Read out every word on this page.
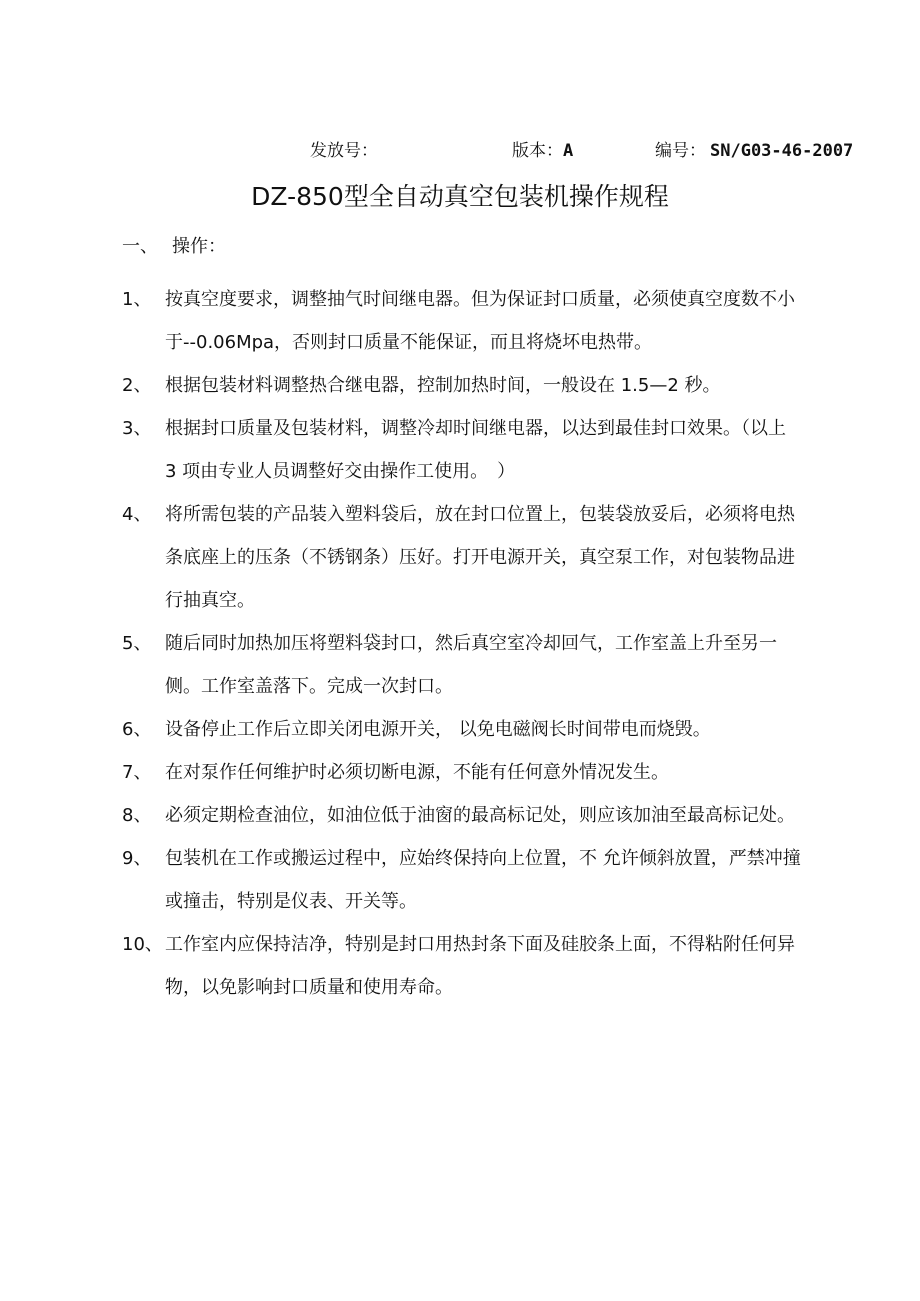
发放号：	版本：A	编号： SN/G03-46-2007
DZ-850型全自动真空包装机操作规程
一、 操作：
1、 按真空度要求，调整抽气时间继电器。但为保证封口质量，必须使真空度数不小于--0.06Mpa，否则封口质量不能保证，而且将烧坏电热带。
2、 根据包装材料调整热合继电器，控制加热时间，一般设在 1.5—2 秒。
3、 根据封口质量及包装材料，调整冷却时间继电器，以达到最佳封口效果。（以上 3 项由专业人员调整好交由操作工使用。　）
4、 将所需包装的产品装入塑料袋后，放在封口位置上，包装袋放妥后，必须将电热条底座上的压条（不锈钢条）压好。打开电源开关，真空泵工作，对包装物品进行抽真空。
5、 随后同时加热加压将塑料袋封口，然后真空室冷却回气，工作室盖上升至另一侧。工作室盖落下。完成一次封口。
6、 设备停止工作后立即关闭电源开关， 以免电磁阀长时间带电而烧毁。
7、 在对泵作任何维护时必须切断电源，不能有任何意外情况发生。
8、 必须定期检查油位，如油位低于油窗的最高标记处，则应该加油至最高标记处。
9、 包装机在工作或搬运过程中，应始终保持向上位置，不 允许倾斜放置，严禁冲撞或撞击，特别是仪表、开关等。
10、 工作室内应保持洁净，特别是封口用热封条下面及硅胶条上面，不得粘附任何异物，以免影响封口质量和使用寿命。
